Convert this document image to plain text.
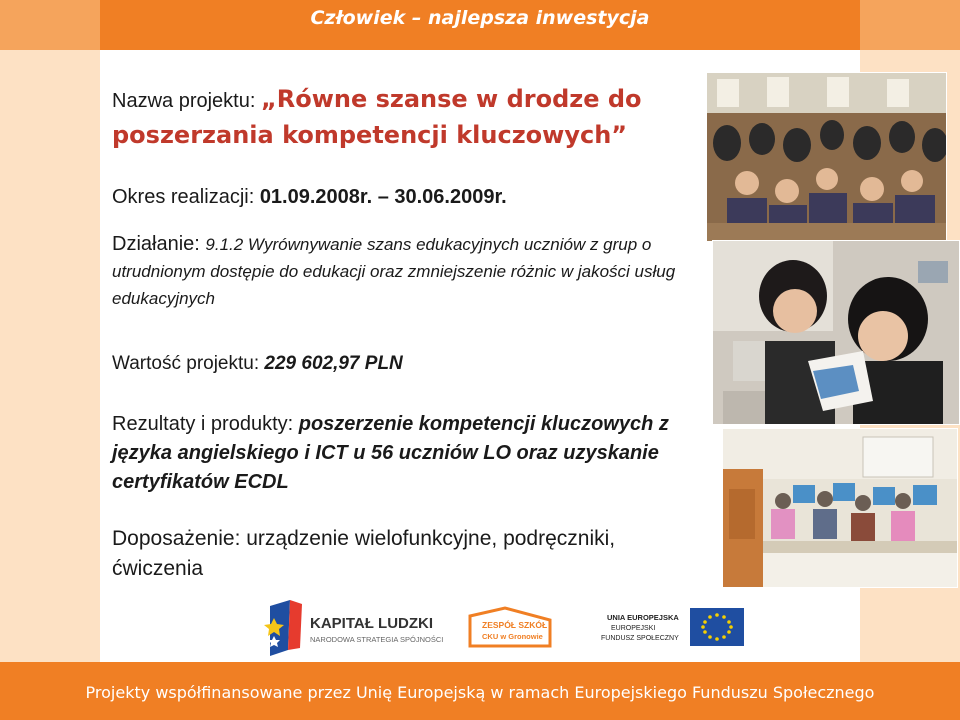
Człowiek – najlepsza inwestycja
Nazwa projektu: „Równe szanse w drodze do poszerzania kompetencji kluczowych”
Okres realizacji: 01.09.2008r. – 30.06.2009r.
Działanie: 9.1.2 Wyrównywanie szans edukacyjnych uczniów z grup o utrudnionym dostępie do edukacji oraz zmniejszenie różnic w jakości usług edukacyjnych
Wartość projektu: 229 602,97 PLN
Rezultaty i produkty: poszerzenie kompetencji kluczowych z języka angielskiego i ICT u 56 uczniów LO oraz uzyskanie certyfikatów ECDL
Doposażenie: urządzenie wielofunkcyjne, podręczniki, ćwiczenia
KAPITAŁ LUDZKI
NARODOWA STRATEGIA SPÓJNOŚCI
ZESPÓŁ SZKÓŁ
CKU w Gronowie
UNIA EUROPEJSKA
EUROPEJSKI
FUNDUSZ SPOŁECZNY
Projekty współfinansowane przez Unię Europejską w ramach Europejskiego Funduszu Społecznego
